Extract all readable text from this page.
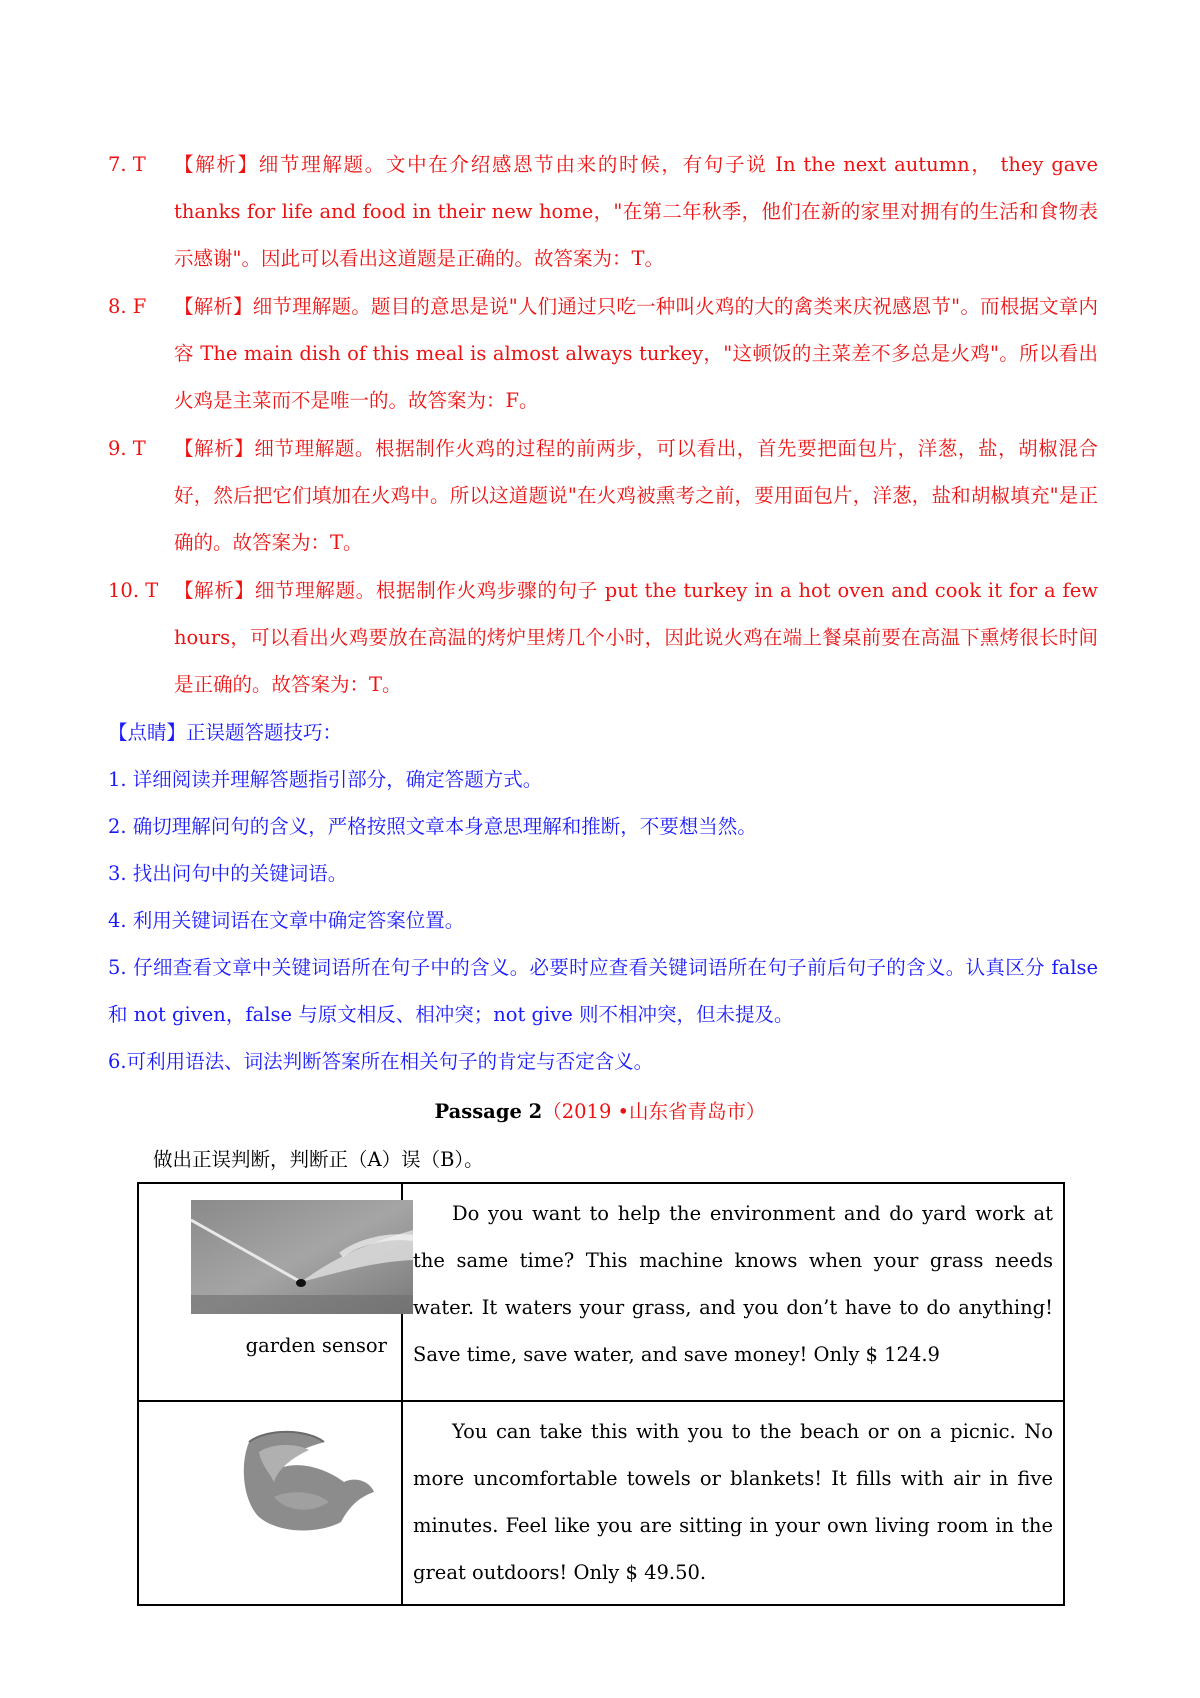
7. T	【解析】细节理解题。文中在介绍感恩节由来的时候，有句子说 In the next autumn， they gave thanks for life and food in their new home，"在第二年秋季，他们在新的家里对拥有的生活和食物表示感谢"。因此可以看出这道题是正确的。故答案为：T。
8. F	【解析】细节理解题。题目的意思是说"人们通过只吃一种叫火鸡的大的禽类来庆祝感恩节"。而根据文章内容 The main dish of this meal is almost always turkey，"这顿饭的主菜差不多总是火鸡"。所以看出火鸡是主菜而不是唯一的。故答案为：F。
9. T	【解析】细节理解题。根据制作火鸡的过程的前两步，可以看出，首先要把面包片，洋葱，盐，胡椒混合好，然后把它们填加在火鸡中。所以这道题说"在火鸡被熏考之前，要用面包片，洋葱，盐和胡椒填充"是正确的。故答案为：T。
10. T 【解析】细节理解题。根据制作火鸡步骤的句子 put the turkey in a hot oven and cook it for a few hours，可以看出火鸡要放在高温的烤炉里烤几个小时，因此说火鸡在端上餐桌前要在高温下熏烤很长时间是正确的。故答案为：T。
【点睛】正误题答题技巧：
1. 详细阅读并理解答题指引部分，确定答题方式。
2. 确切理解问句的含义，严格按照文章本身意思理解和推断，不要想当然。
3. 找出问句中的关键词语。
4. 利用关键词语在文章中确定答案位置。
5. 仔细查看文章中关键词语所在句子中的含义。必要时应查看关键词语所在句子前后句子的含义。认真区分 false 和 not given，false 与原文相反、相冲突；not give 则不相冲突，但未提及。
6.可利用语法、词法判断答案所在相关句子的肯定与否定含义。
Passage 2（2019 •山东省青岛市）
做出正误判断，判断正（A）误（B）。
garden sensor	Do you want to help the environment and do yard work at the same time? This machine knows when your grass needs water. It waters your grass, and you don’t have to do anything! Save time, save water, and save money! Only $ 124.9

	You can take this with you to the beach or on a picnic. No more uncomfortable towels or blankets! It fills with air in five minutes. Feel like you are sitting in your own living room in the great outdoors! Only $ 49.50.
